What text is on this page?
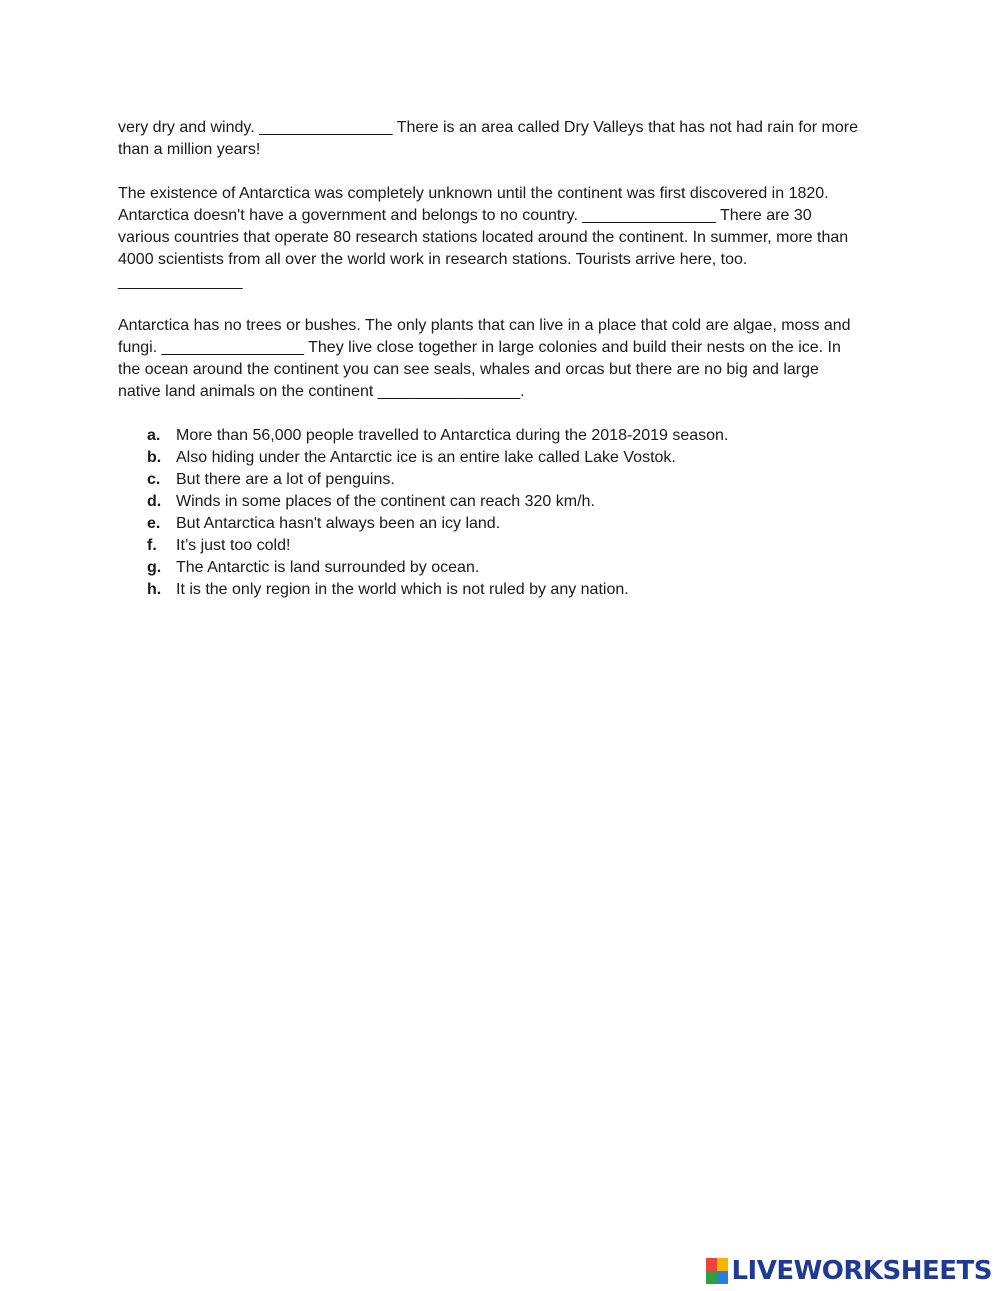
very dry and windy. _______________ There is an area called Dry Valleys that has not had rain for more
than a million years!
The existence of Antarctica was completely unknown until the continent was first discovered in 1820.
Antarctica doesn't have a government and belongs to no country. _______________ There are 30
various countries that operate 80 research stations located around the continent. In summer, more than
4000 scientists from all over the world work in research stations. Tourists arrive here, too.
______________
Antarctica has no trees or bushes. The only plants that can live in a place that cold are algae, moss and
fungi. ________________ They live close together in large colonies and build their nests on the ice. In
the ocean around the continent you can see seals, whales and orcas but there are no big and large
native land animals on the continent ________________.
a. More than 56,000 people travelled to Antarctica during the 2018-2019 season.
b. Also hiding under the Antarctic ice is an entire lake called Lake Vostok.
c. But there are a lot of penguins.
d. Winds in some places of the continent can reach 320 km/h.
e. But Antarctica hasn't always been an icy land.
f.	It’s just too cold!
g. The Antarctic is land surrounded by ocean.
h. It is the only region in the world which is not ruled by any nation.
LIVEWORKSHEETS
